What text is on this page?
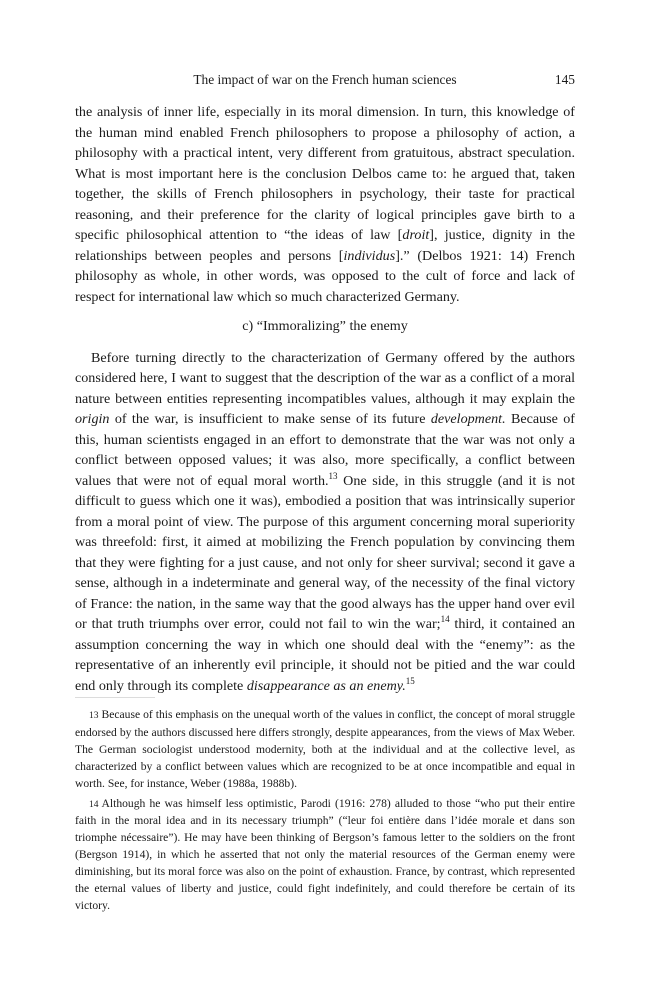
The impact of war on the French human sciences	145

the analysis of inner life, especially in its moral dimension. In turn, this knowledge of the human mind enabled French philosophers to propose a philosophy of action, a philosophy with a practical intent, very different from gratuitous, abstract speculation. What is most important here is the conclusion Delbos came to: he argued that, taken together, the skills of French philosophers in psychology, their taste for practical reasoning, and their preference for the clarity of logical principles gave birth to a specific philosophical attention to “the ideas of law [droit], justice, dignity in the relationships between peoples and persons [individus].” (Delbos 1921: 14) French philosophy as whole, in other words, was opposed to the cult of force and lack of respect for international law which so much characterized Germany.

c) “Immoralizing” the enemy

Before turning directly to the characterization of Germany offered by the authors considered here, I want to suggest that the description of the war as a conflict of a moral nature between entities representing incompatibles values, although it may explain the origin of the war, is insufficient to make sense of its future development. Because of this, human scientists engaged in an effort to demonstrate that the war was not only a conflict between opposed values; it was also, more specifically, a conflict between values that were not of equal moral worth.$^{13}$ One side, in this struggle (and it is not difficult to guess which one it was), embodied a position that was intrinsically superior from a moral point of view. The purpose of this argument concerning moral superiority was threefold: first, it aimed at mobilizing the French population by convincing them that they were fighting for a just cause, and not only for sheer survival; second it gave a sense, although in a indeterminate and general way, of the necessity of the final victory of France: the nation, in the same way that the good always has the upper hand over evil or that truth triumphs over error, could not fail to win the war;$^{14}$ third, it contained an assumption concerning the way in which one should deal with the “enemy”: as the representative of an inherently evil principle, it should not be pitied and the war could end only through its complete disappearance as an enemy.$^{15}$

13 Because of this emphasis on the unequal worth of the values in conflict, the concept of moral struggle endorsed by the authors discussed here differs strongly, despite appearances, from the views of Max Weber. The German sociologist understood modernity, both at the individual and at the collective level, as characterized by a conflict between values which are recognized to be at once incompatible and equal in worth. See, for instance, Weber (1988a, 1988b).

14 Although he was himself less optimistic, Parodi (1916: 278) alluded to those “who put their entire faith in the moral idea and in its necessary triumph” (“leur foi entière dans l’idée morale et dans son triomphe nécessaire”). He may have been thinking of Bergson’s famous letter to the soldiers on the front (Bergson 1914), in which he asserted that not only the material resources of the German enemy were diminishing, but its moral force was also on the point of exhaustion. France, by contrast, which represented the eternal values of liberty and justice, could fight indefinitely, and could therefore be certain of its victory.
